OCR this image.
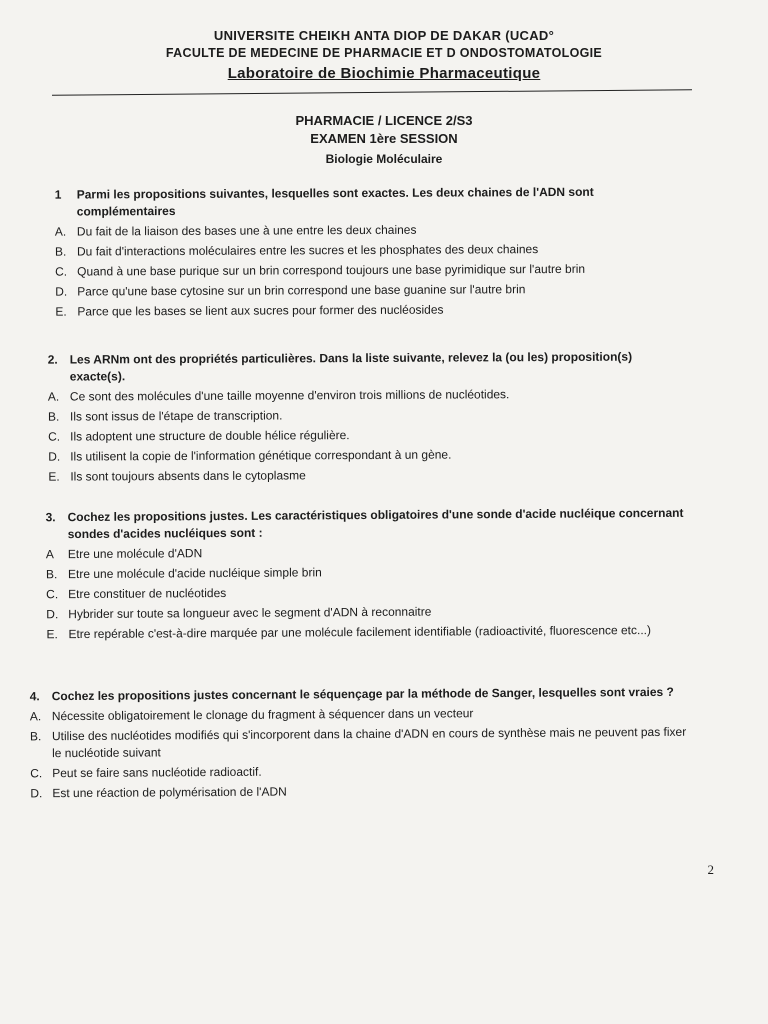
UNIVERSITE CHEIKH ANTA DIOP DE DAKAR (UCAD°
FACULTE DE MEDECINE DE PHARMACIE ET D ONDOSTOMATOLOGIE
Laboratoire de Biochimie Pharmaceutique
PHARMACIE / LICENCE 2/S3
EXAMEN 1ère SESSION
Biologie Moléculaire
1	Parmi les propositions suivantes, lesquelles sont exactes. Les deux chaines de l'ADN sont complémentaires
A. Du fait de la liaison des bases une à une entre les deux chaines
B. Du fait d'interactions moléculaires entre les sucres et les phosphates des deux chaines
C. Quand à une base purique sur un brin correspond toujours une base pyrimidique sur l'autre brin
D. Parce qu'une base cytosine sur un brin correspond une base guanine sur l'autre brin
E. Parce que les bases se lient aux sucres pour former des nucléosides
2. Les ARNm ont des propriétés particulières. Dans la liste suivante, relevez la (ou les) proposition(s) exacte(s).
A. Ce sont des molécules d'une taille moyenne d'environ trois millions de nucléotides.
B. Ils sont issus de l'étape de transcription.
C. Ils adoptent une structure de double hélice régulière.
D. Ils utilisent la copie de l'information génétique correspondant à un gène.
E. Ils sont toujours absents dans le cytoplasme
3. Cochez les propositions justes. Les caractéristiques obligatoires d'une sonde d'acide nucléique concernant sondes d'acides nucléiques sont :
A	Etre une molécule d'ADN
B. Etre une molécule d'acide nucléique simple brin
C. Etre constituer de nucléotides
D. Hybrider sur toute sa longueur avec le segment d'ADN à reconnaitre
E. Etre repérable c'est-à-dire marquée par une molécule facilement identifiable (radioactivité, fluorescence etc...)
4. Cochez les propositions justes concernant le séquençage par la méthode de Sanger, lesquelles sont vraies ?
A. Nécessite obligatoirement le clonage du fragment à séquencer dans un vecteur
B. Utilise des nucléotides modifiés qui s'incorporent dans la chaine d'ADN en cours de synthèse mais ne peuvent pas fixer le nucléotide suivant
C. Peut se faire sans nucléotide radioactif.
D. Est une réaction de polymérisation de l'ADN
2
